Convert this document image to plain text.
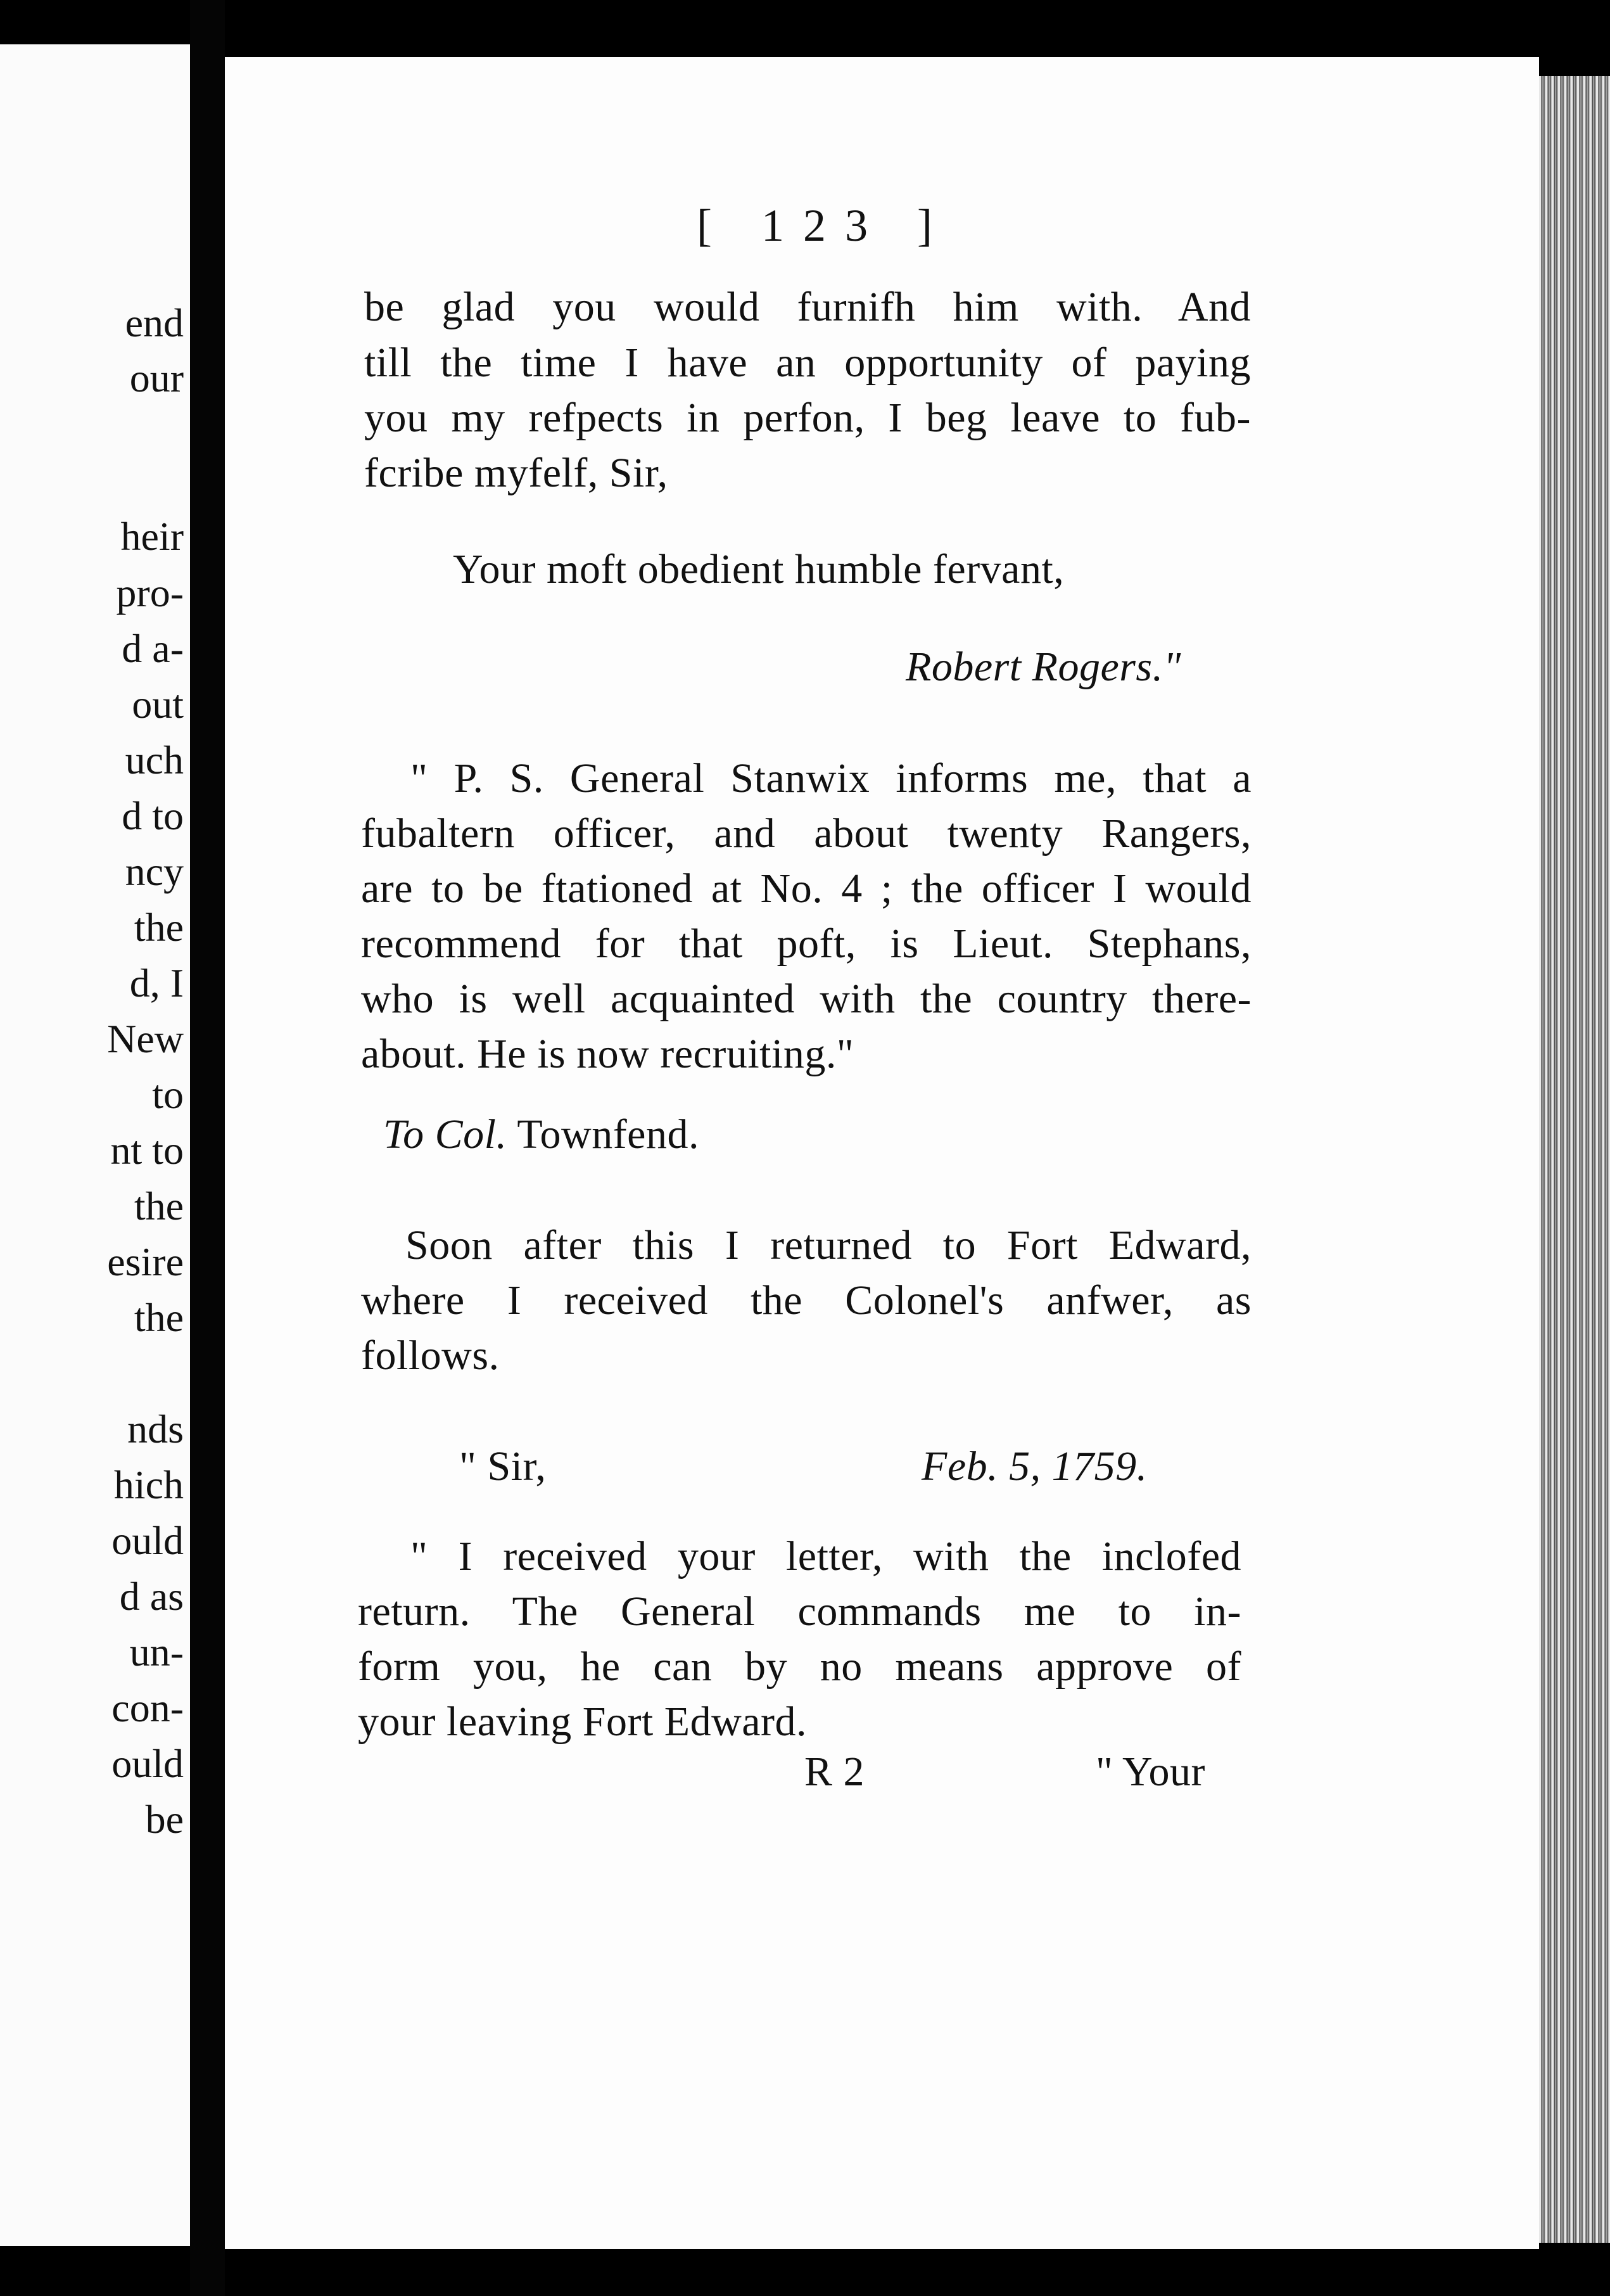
end
our
heir
pro-
d a-
out
uch
d to
ncy
the
d, I
New
to
nt to
the
esire
the
nds
hich
ould
d as
un-
con-
ould
be
[ 123 ]
be glad you would furnifh him with. And
till the time I have an opportunity of paying
you my refpects in perfon, I beg leave to fub-
fcribe myfelf, Sir,
Your moft obedient humble fervant,
Robert Rogers."
" P. S. General Stanwix informs me, that a
fubaltern officer, and about twenty Rangers,
are to be ftationed at No. 4 ; the officer I would
recommend for that poft, is Lieut. Stephans,
who is well acquainted with the country there-
about. He is now recruiting."
To Col. Townfend.
Soon after this I returned to Fort Edward,
where I received the Colonel's anfwer, as
follows.
" Sir,	Feb. 5, 1759.
" I received your letter, with the inclofed
return. The General commands me to in-
form you, he can by no means approve of
your leaving Fort Edward.
R 2	" Your
